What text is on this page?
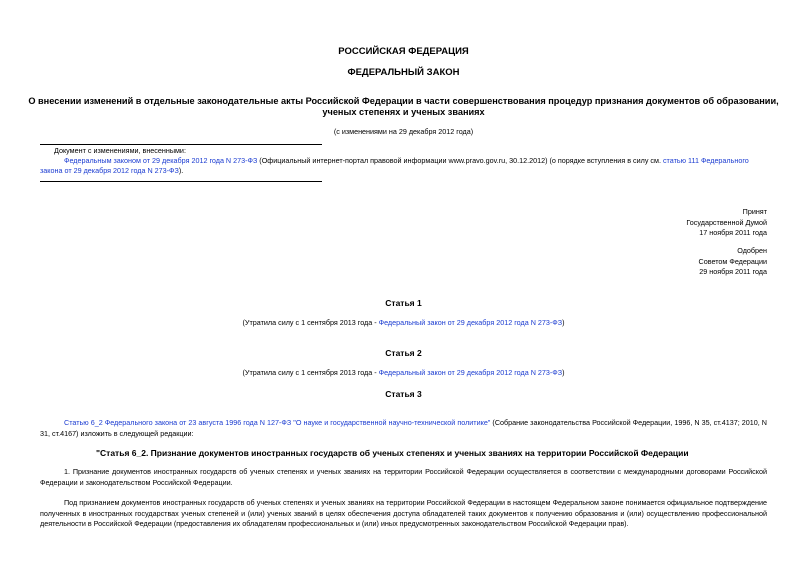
РОССИЙСКАЯ ФЕДЕРАЦИЯ
ФЕДЕРАЛЬНЫЙ ЗАКОН
О внесении изменений в отдельные законодательные акты Российской Федерации в части совершенствования процедур признания документов об образовании,
ученых степенях и ученых званиях
(с изменениями на 29 декабря 2012 года)
Документ с изменениями, внесенными:
Федеральным законом от 29 декабря 2012 года N 273-ФЗ (Официальный интернет-портал правовой информации www.pravo.gov.ru, 30.12.2012) (о порядке вступления в силу см. статью 111 Федерального закона от 29 декабря 2012 года N 273-ФЗ).
Принят
Государственной Думой
17 ноября 2011 года
Одобрен
Советом Федерации
29 ноября 2011 года
Статья 1
(Утратила силу с 1 сентября 2013 года - Федеральный закон от 29 декабря 2012 года N 273-ФЗ)
Статья 2
(Утратила силу с 1 сентября 2013 года - Федеральный закон от 29 декабря 2012 года N 273-ФЗ)
Статья 3
Статью 6_2 Федерального закона от 23 августа 1996 года N 127-ФЗ "О науке и государственной научно-технической политике" (Собрание законодательства Российской Федерации, 1996, N 35, ст.4137; 2010, N 31, ст.4167) изложить в следующей редакции:
"Статья 6_2. Признание документов иностранных государств об ученых степенях и ученых званиях на территории Российской Федерации
1. Признание документов иностранных государств об ученых степенях и ученых званиях на территории Российской Федерации осуществляется в соответствии с международными договорами Российской Федерации и законодательством Российской Федерации.
Под признанием документов иностранных государств об ученых степенях и ученых званиях на территории Российской Федерации в настоящем Федеральном законе понимается официальное подтверждение полученных в иностранных государствах ученых степеней и (или) ученых званий в целях обеспечения доступа обладателей таких документов к получению образования и (или) осуществлению профессиональной деятельности в Российской Федерации (предоставления их обладателям профессиональных и (или) иных предусмотренных законодательством Российской Федерации прав).
